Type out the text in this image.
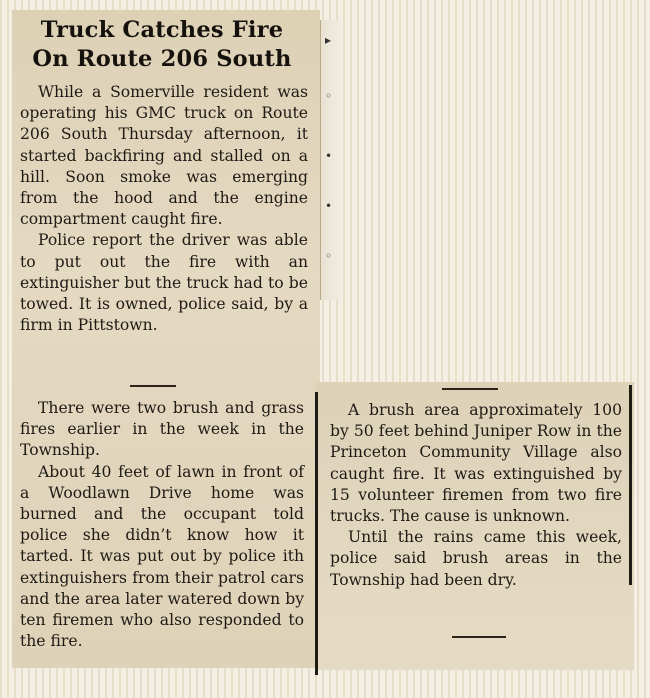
▸
◦
•
•
◦
Truck Catches Fire
On Route 206 South

While a Somerville resident was operating his GMC truck on Route 206 South Thursday afternoon, it started backfiring and stalled on a hill. Soon smoke was emerging from the hood and the engine compartment caught fire.

Police report the driver was able to put out the fire with an extinguisher but the truck had to be towed. It is owned, police said, by a firm in Pittstown.

There were two brush and grass fires earlier in the week in the Township.

About 40 feet of lawn in front of a Woodlawn Drive home was burned and the occupant told police she didn’t know how it tarted. It was put out by police ith extinguishers from their patrol cars and the area later watered down by ten firemen who also responded to the fire.

A brush area approximately 100 by 50 feet behind Juniper Row in the Princeton Community Village also caught fire. It was extinguished by 15 volunteer firemen from two fire trucks. The cause is unknown.

Until the rains came this week, police said brush areas in the Township had been dry.
